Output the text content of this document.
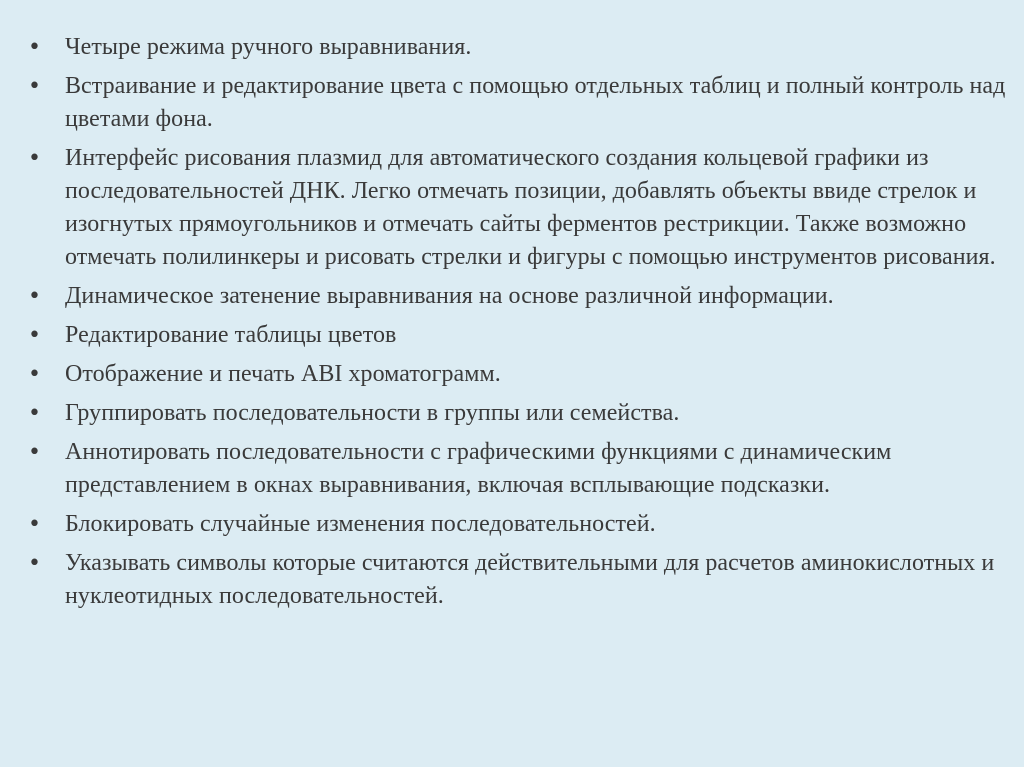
• Четыре режима ручного выравнивания.
• Встраивание и редактирование цвета с помощью отдельных таблиц и полный контроль над цветами фона.
• Интерфейс рисования плазмид для автоматического создания кольцевой графики из последовательностей ДНК. Легко отмечать позиции, добавлять объекты ввиде стрелок и изогнутых прямоугольников и отмечать сайты ферментов рестрикции. Также возможно отмечать полилинкеры и рисовать стрелки и фигуры с помощью инструментов рисования.
• Динамическое затенение выравнивания на основе различной информации.
• Редактирование таблицы цветов
• Отображение и печать ABI хроматограмм.
• Группировать последовательности в группы или семейства.
• Аннотировать последовательности с графическими функциями с динамическим представлением в окнах выравнивания, включая всплывающие подсказки.
• Блокировать случайные изменения последовательностей.
• Указывать символы которые считаются действительными для расчетов аминокислотных и нуклеотидных последовательностей.
